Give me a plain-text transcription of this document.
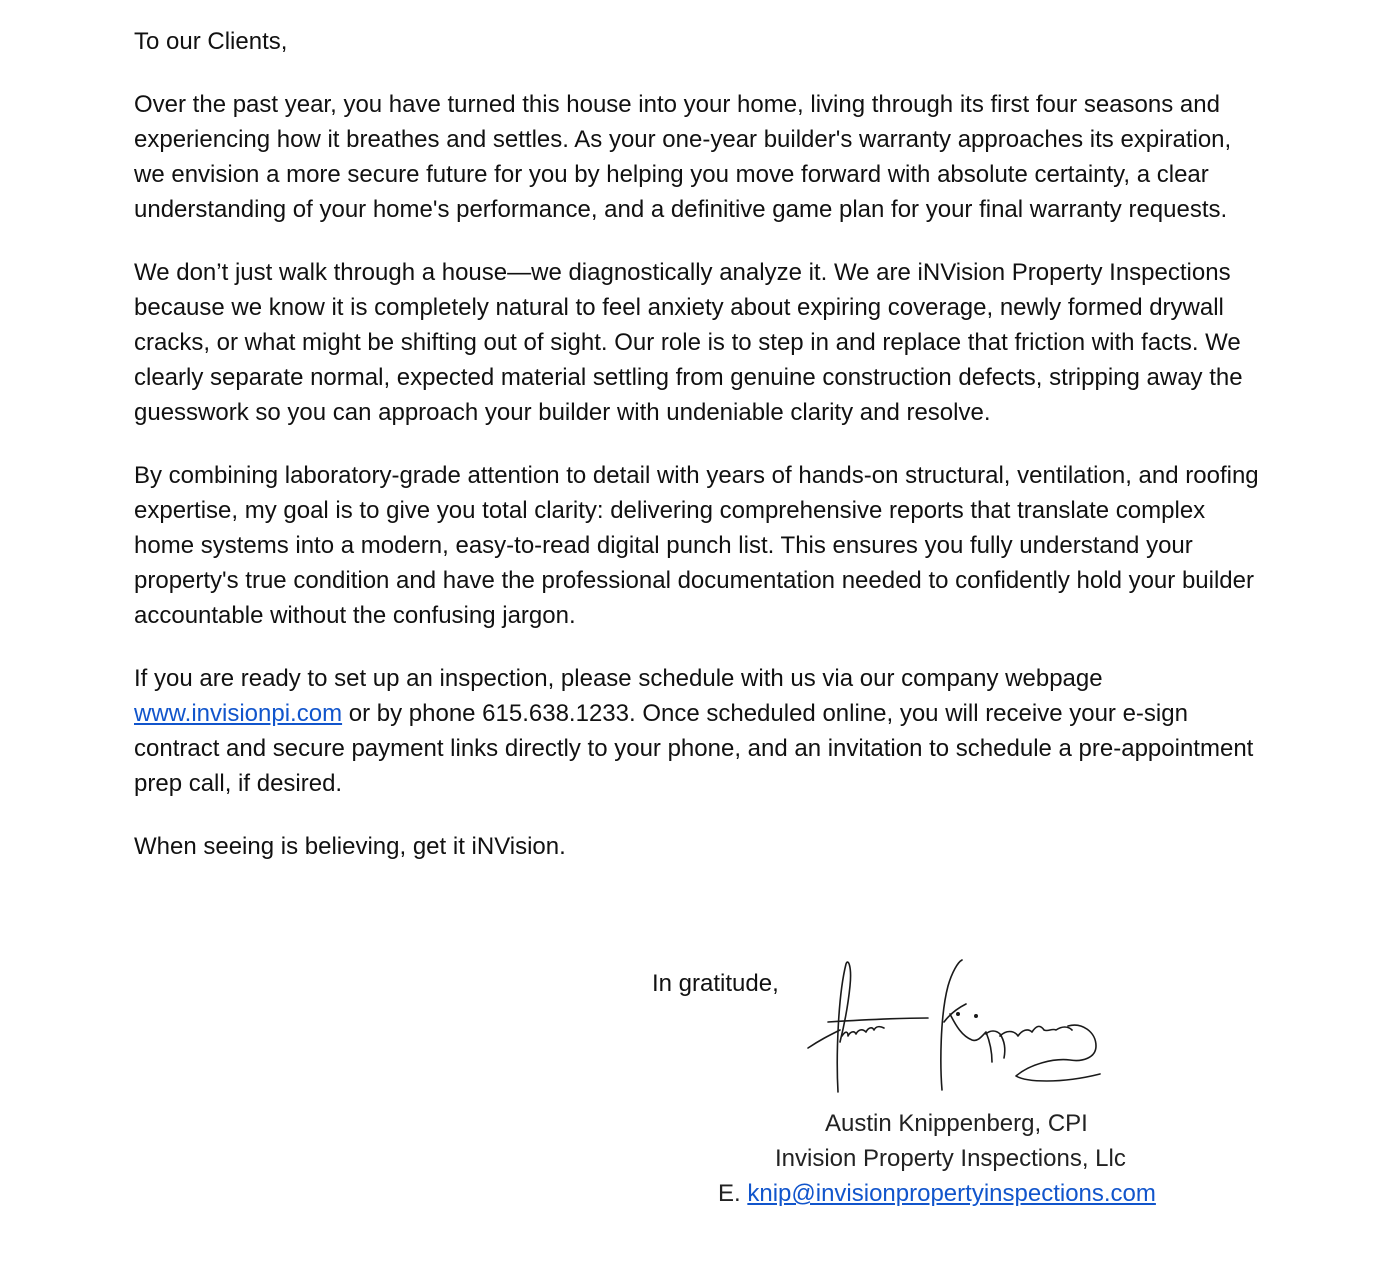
To our Clients,

Over the past year, you have turned this house into your home, living through its first four seasons and experiencing how it breathes and settles. As your one-year builder's warranty approaches its expiration, we envision a more secure future for you by helping you move forward with absolute certainty, a clear understanding of your home's performance, and a definitive game plan for your final warranty requests.

We don’t just walk through a house—we diagnostically analyze it. We are iNVision Property Inspections because we know it is completely natural to feel anxiety about expiring coverage, newly formed drywall cracks, or what might be shifting out of sight. Our role is to step in and replace that friction with facts. We clearly separate normal, expected material settling from genuine construction defects, stripping away the guesswork so you can approach your builder with undeniable clarity and resolve.

By combining laboratory-grade attention to detail with years of hands-on structural, ventilation, and roofing expertise, my goal is to give you total clarity: delivering comprehensive reports that translate complex home systems into a modern, easy-to-read digital punch list. This ensures you fully understand your property's true condition and have the professional documentation needed to confidently hold your builder accountable without the confusing jargon.

If you are ready to set up an inspection, please schedule with us via our company webpage www.invisionpi.com or by phone 615.638.1233. Once scheduled online, you will receive your e-sign contract and secure payment links directly to your phone, and an invitation to schedule a pre-appointment prep call, if desired.

When seeing is believing, get it iNVision.

In gratitude,
Austin Knippenberg, CPI
Invision Property Inspections, Llc
E. knip@invisionpropertyinspections.com
